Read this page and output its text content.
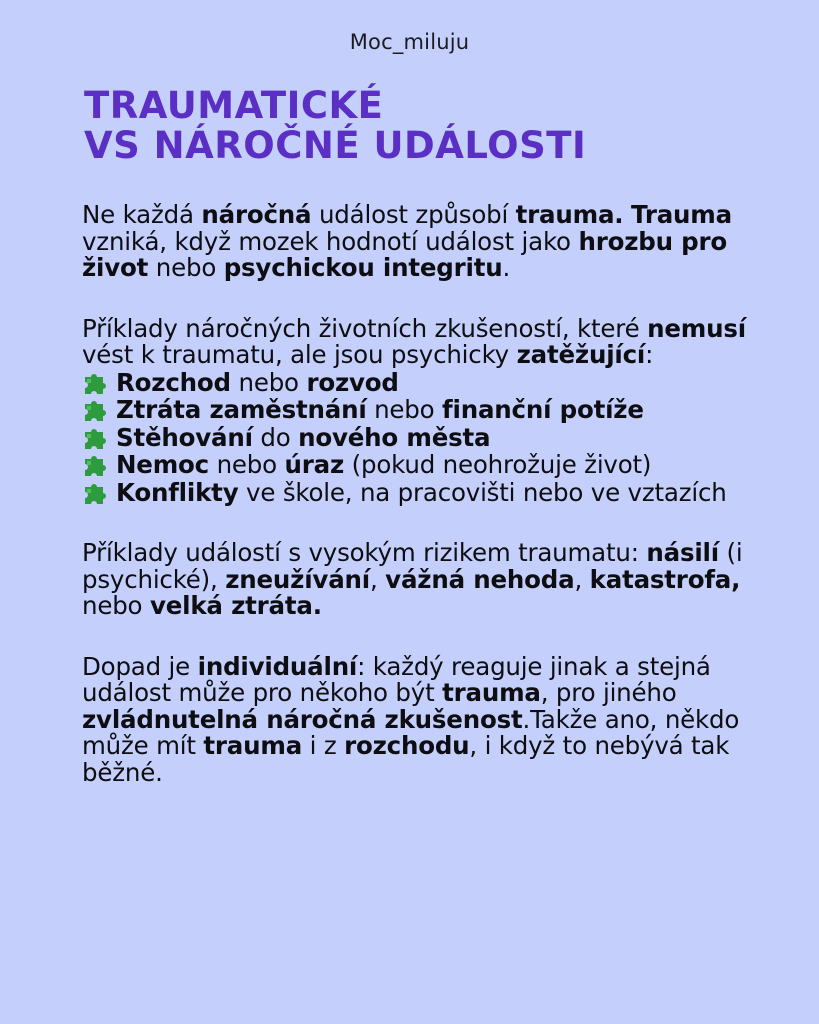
Moc_miluju
TRAUMATICKÉ
VS NÁROČNÉ UDÁLOSTI

Ne každá náročná událost způsobí trauma. Trauma vzniká, když mozek hodnotí událost jako hrozbu pro život nebo psychickou integritu.

Příklady náročných životních zkušeností, které nemusí vést k traumatu, ale jsou psychicky zatěžující:

Rozchod nebo rozvod
Ztráta zaměstnání nebo finanční potíže
Stěhování do nového města
Nemoc nebo úraz (pokud neohrožuje život)
Konflikty ve škole, na pracovišti nebo ve vztazích

Příklady událostí s vysokým rizikem traumatu: násilí (i psychické), zneužívání, vážná nehoda, katastrofa, nebo velká ztráta.

Dopad je individuální: každý reaguje jinak a stejná událost může pro někoho být trauma, pro jiného zvládnutelná náročná zkušenost.Takže ano, někdo může mít trauma i z rozchodu, i když to nebývá tak běžné.
